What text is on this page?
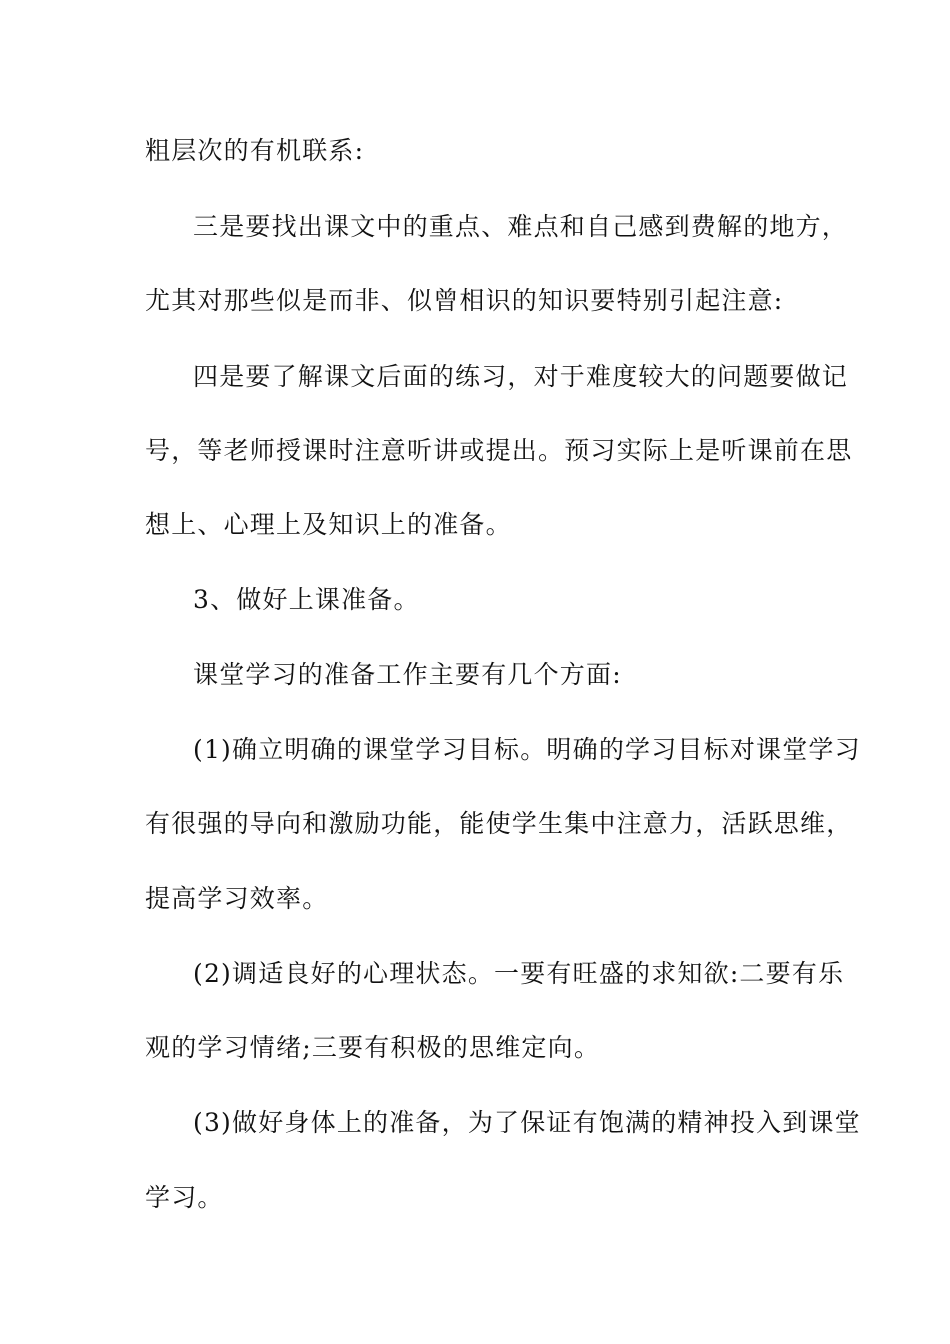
粗层次的有机联系:
三是要找出课文中的重点、难点和自己感到费解的地方，
尤其对那些似是而非、似曾相识的知识要特别引起注意:
四是要了解课文后面的练习，对于难度较大的问题要做记
号，等老师授课时注意听讲或提出。预习实际上是听课前在思
想上、心理上及知识上的准备。
3、做好上课准备。
课堂学习的准备工作主要有几个方面:
(1)确立明确的课堂学习目标。明确的学习目标对课堂学习
有很强的导向和激励功能，能使学生集中注意力，活跃思维，
提高学习效率。
(2)调适良好的心理状态。一要有旺盛的求知欲:二要有乐
观的学习情绪;三要有积极的思维定向。
(3)做好身体上的准备，为了保证有饱满的精神投入到课堂
学习。
